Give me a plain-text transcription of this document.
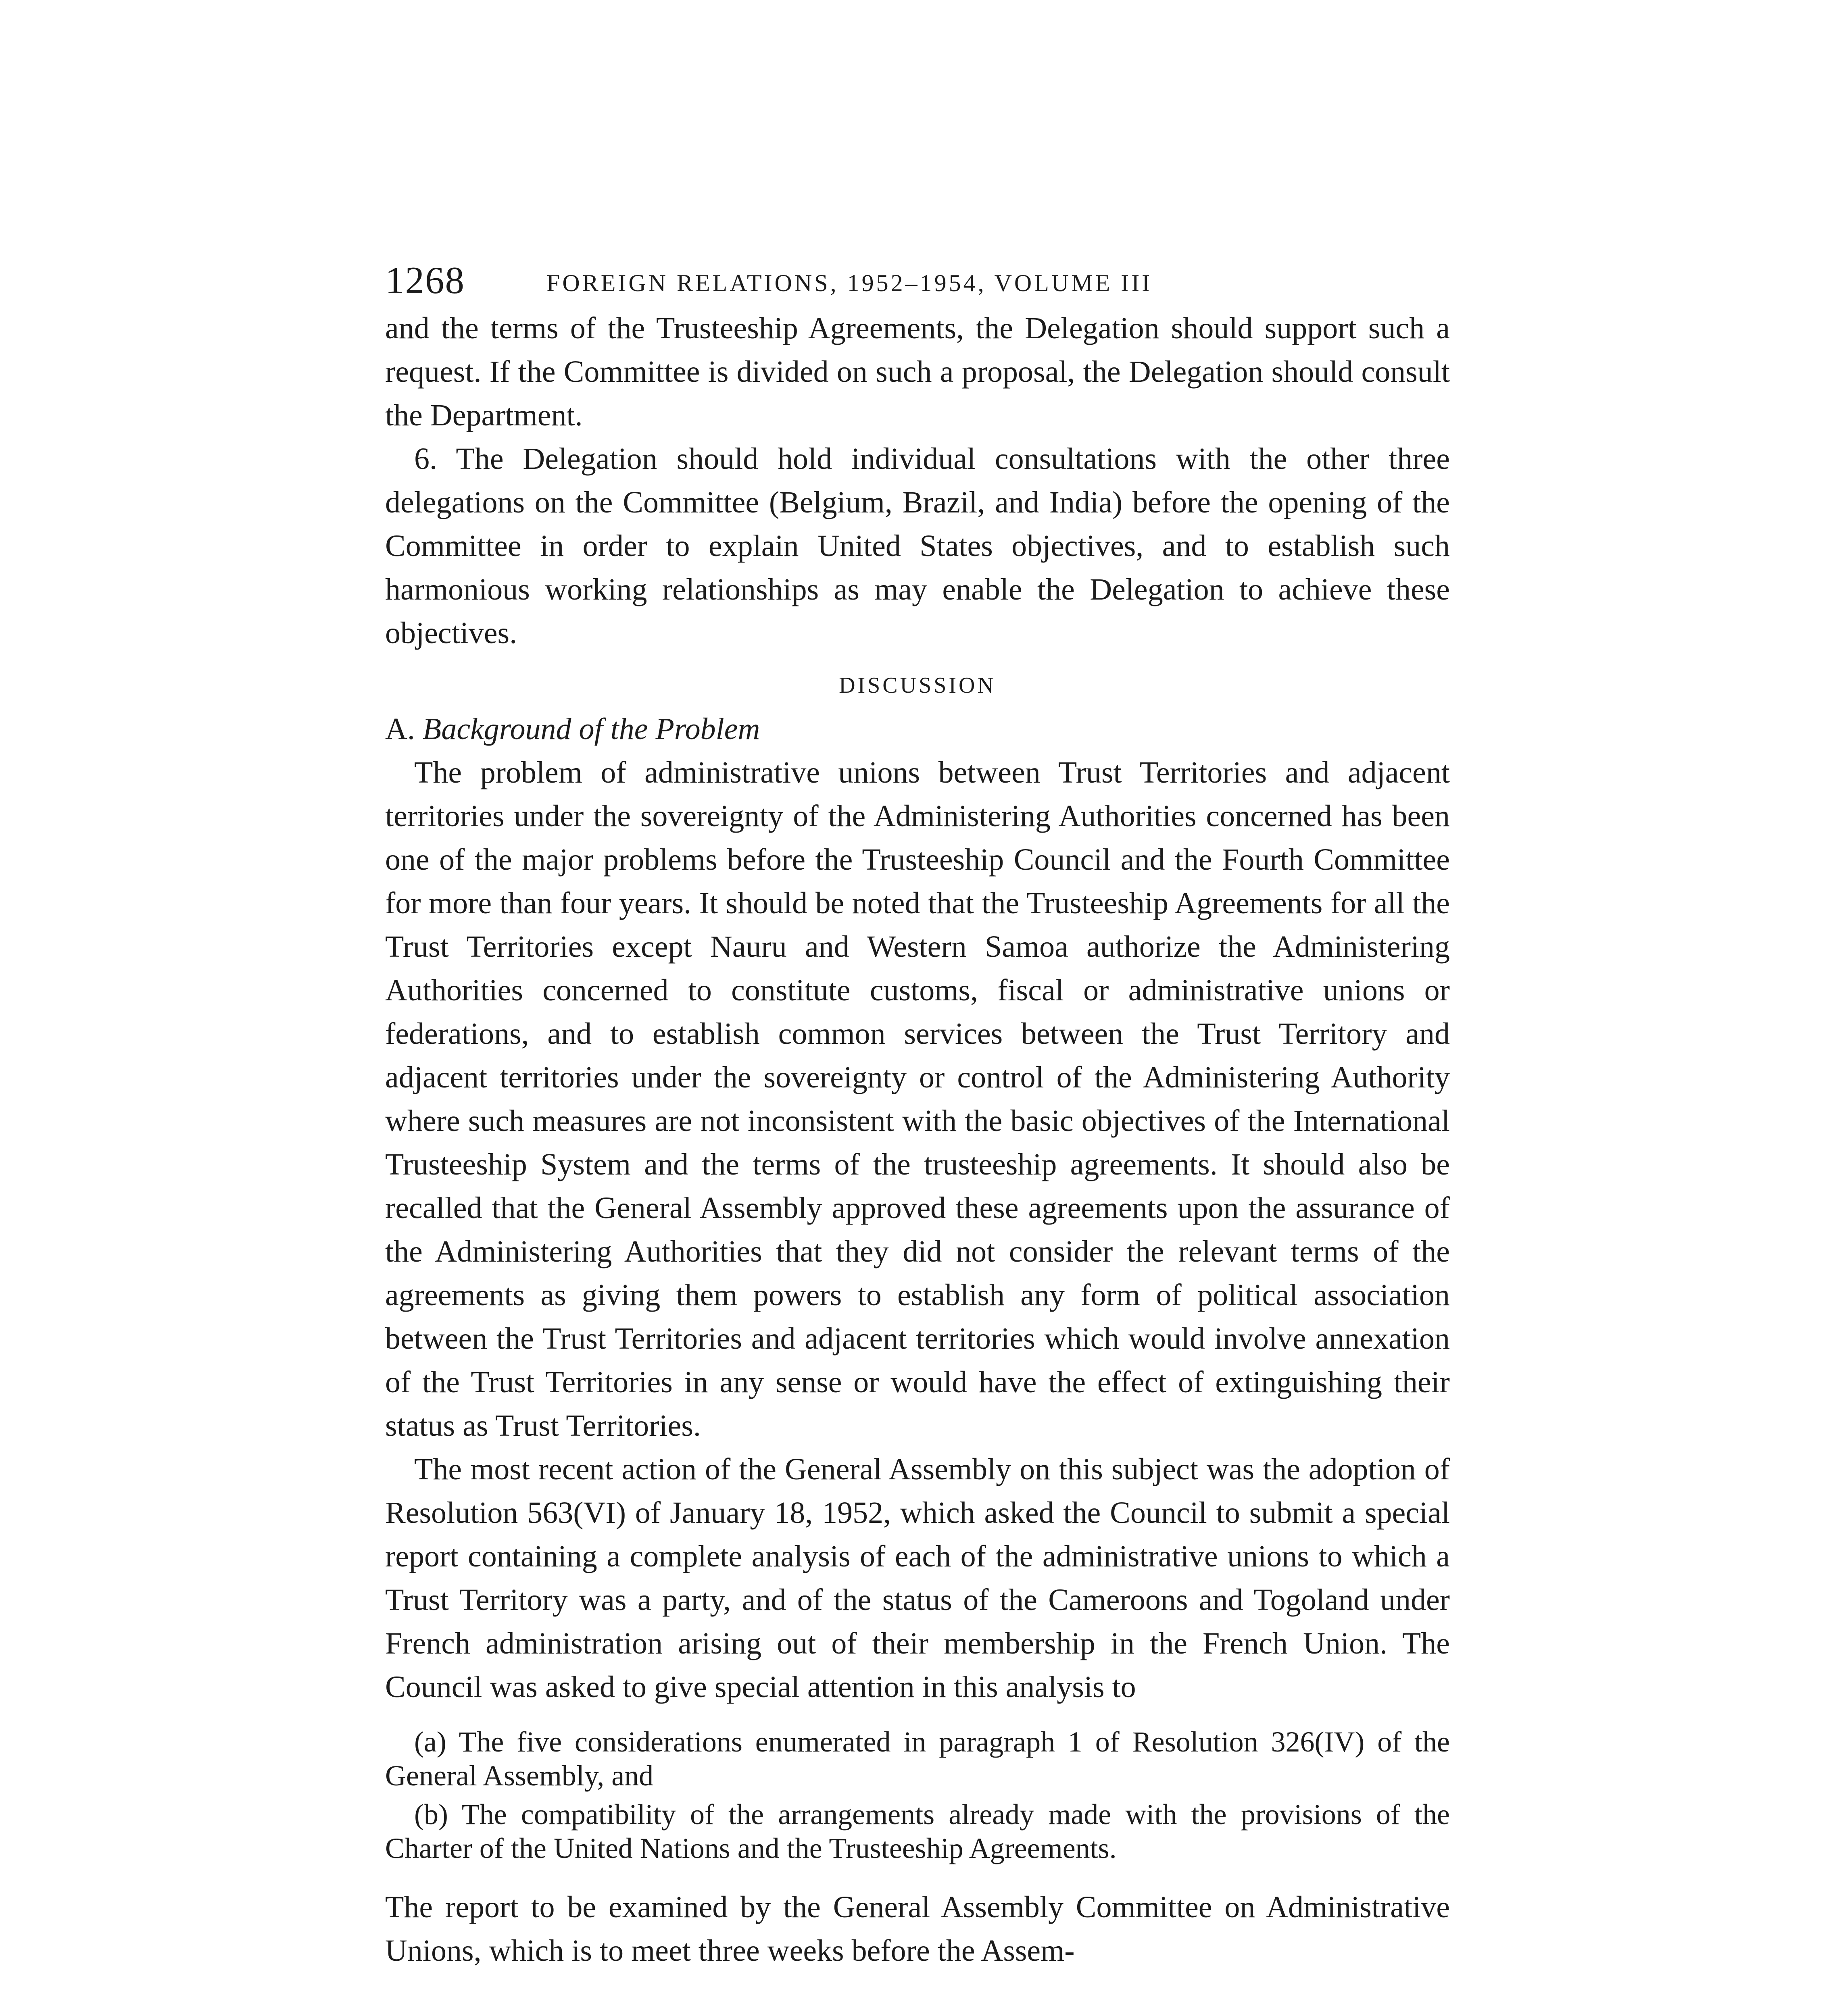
1268	FOREIGN RELATIONS, 1952–1954, VOLUME III

and the terms of the Trusteeship Agreements, the Delegation should support such a request. If the Committee is divided on such a proposal, the Delegation should consult the Department.

6. The Delegation should hold individual consultations with the other three delegations on the Committee (Belgium, Brazil, and India) before the opening of the Committee in order to explain United States objectives, and to establish such harmonious working relationships as may enable the Delegation to achieve these objectives.

DISCUSSION
A. Background of the Problem

The problem of administrative unions between Trust Territories and adjacent territories under the sovereignty of the Administering Authorities concerned has been one of the major problems before the Trusteeship Council and the Fourth Committee for more than four years. It should be noted that the Trusteeship Agreements for all the Trust Territories except Nauru and Western Samoa authorize the Administering Authorities concerned to constitute customs, fiscal or administrative unions or federations, and to establish common services between the Trust Territory and adjacent territories under the sovereignty or control of the Administering Authority where such measures are not inconsistent with the basic objectives of the International Trusteeship System and the terms of the trusteeship agreements. It should also be recalled that the General Assembly approved these agreements upon the assurance of the Administering Authorities that they did not consider the relevant terms of the agreements as giving them powers to establish any form of political association between the Trust Territories and adjacent territories which would involve annexation of the Trust Territories in any sense or would have the effect of extinguishing their status as Trust Territories.

The most recent action of the General Assembly on this subject was the adoption of Resolution 563(VI) of January 18, 1952, which asked the Council to submit a special report containing a complete analysis of each of the administrative unions to which a Trust Territory was a party, and of the status of the Cameroons and Togoland under French administration arising out of their membership in the French Union. The Council was asked to give special attention in this analysis to

(a) The five considerations enumerated in paragraph 1 of Resolution 326(IV) of the General Assembly, and

(b) The compatibility of the arrangements already made with the provisions of the Charter of the United Nations and the Trusteeship Agreements.

The report to be examined by the General Assembly Committee on Administrative Unions, which is to meet three weeks before the Assem-
